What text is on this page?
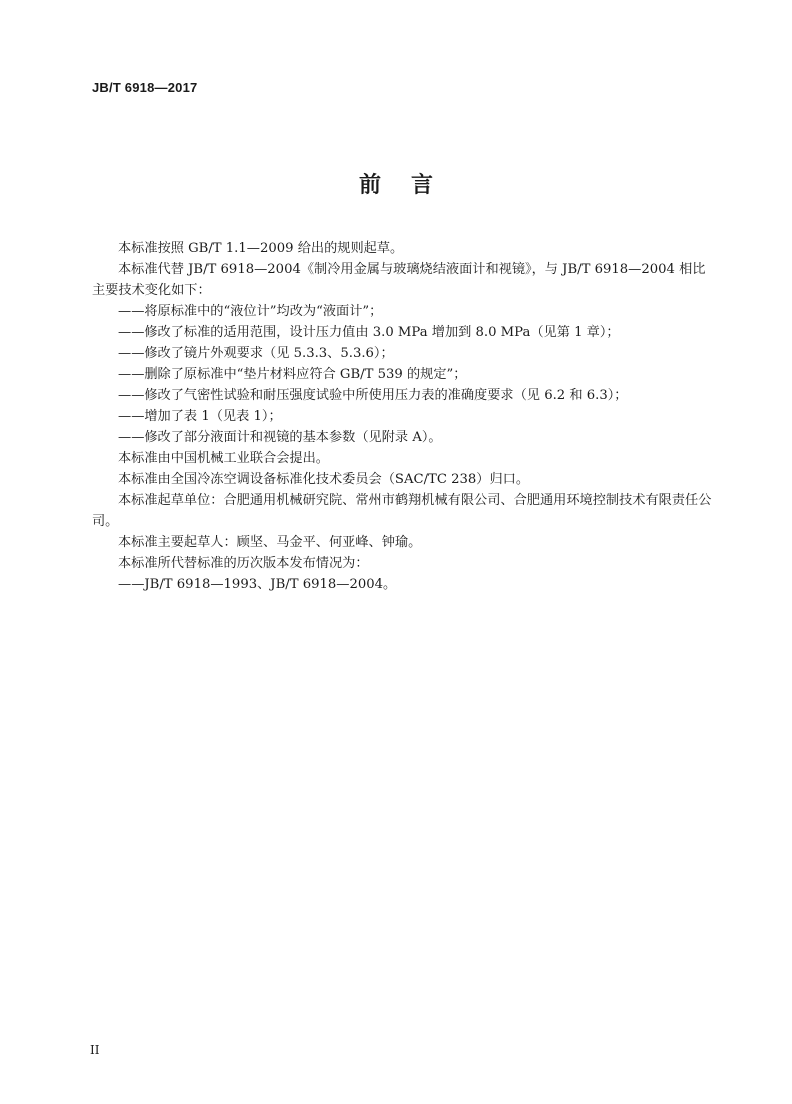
JB/T 6918—2017
前言

本标准按照 GB/T 1.1—2009 给出的规则起草。

本标准代替 JB/T 6918—2004《制冷用金属与玻璃烧结液面计和视镜》，与 JB/T 6918—2004 相比主要技术变化如下：

——将原标准中的“液位计”均改为“液面计”；

——修改了标准的适用范围，设计压力值由 3.0 MPa 增加到 8.0 MPa（见第 1 章）；

——修改了镜片外观要求（见 5.3.3、5.3.6）；

——删除了原标准中“垫片材料应符合 GB/T 539 的规定”；

——修改了气密性试验和耐压强度试验中所使用压力表的准确度要求（见 6.2 和 6.3）；

——增加了表 1（见表 1）；

——修改了部分液面计和视镜的基本参数（见附录 A）。

本标准由中国机械工业联合会提出。

本标准由全国冷冻空调设备标准化技术委员会（SAC/TC 238）归口。

本标准起草单位：合肥通用机械研究院、常州市鹤翔机械有限公司、合肥通用环境控制技术有限责任公司。

本标准主要起草人：顾坚、马金平、何亚峰、钟瑜。

本标准所代替标准的历次版本发布情况为：

——JB/T 6918—1993、JB/T 6918—2004。

II
